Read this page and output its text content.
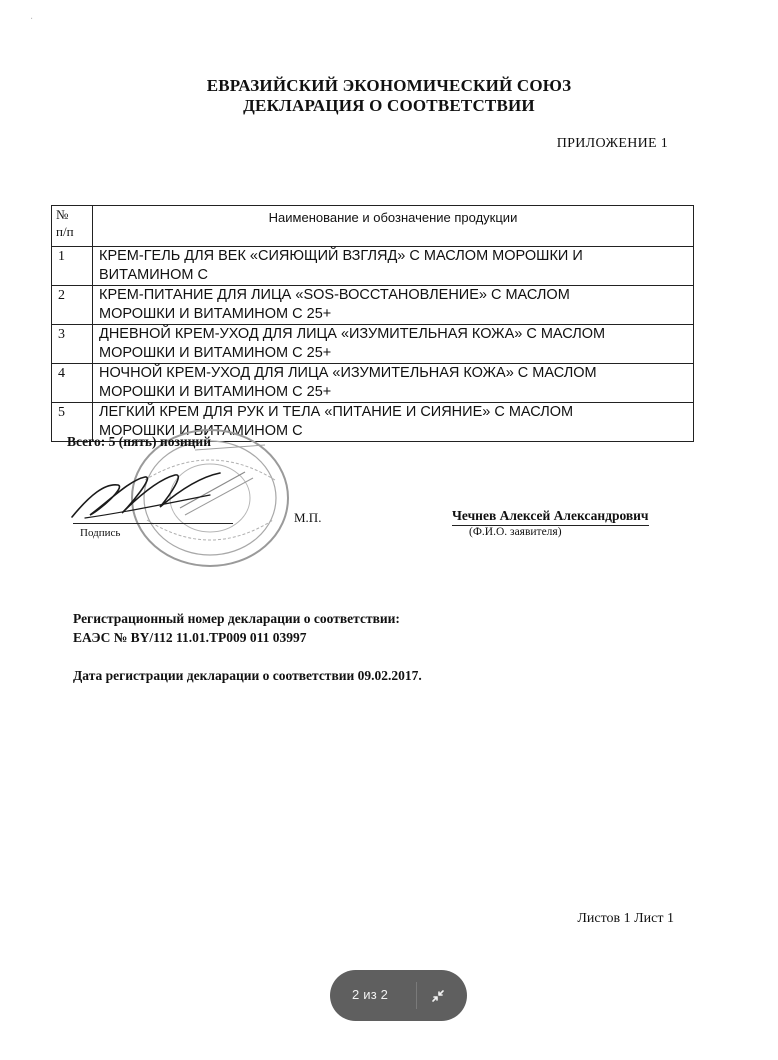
·
ЕВРАЗИЙСКИЙ ЭКОНОМИЧЕСКИЙ СОЮЗ
ДЕКЛАРАЦИЯ О СООТВЕТСТВИИ
ПРИЛОЖЕНИЕ 1
№
п/п	Наименование и обозначение продукции
1	КРЕМ-ГЕЛЬ ДЛЯ ВЕК «СИЯЮЩИЙ ВЗГЛЯД» С МАСЛОМ МОРОШКИ И
ВИТАМИНОМ С
2	КРЕМ-ПИТАНИЕ ДЛЯ ЛИЦА «SOS-ВОССТАНОВЛЕНИЕ» С МАСЛОМ
МОРОШКИ И ВИТАМИНОМ С 25+
3	ДНЕВНОЙ КРЕМ-УХОД ДЛЯ ЛИЦА «ИЗУМИТЕЛЬНАЯ КОЖА» С МАСЛОМ
МОРОШКИ И ВИТАМИНОМ С 25+
4	НОЧНОЙ КРЕМ-УХОД ДЛЯ ЛИЦА «ИЗУМИТЕЛЬНАЯ КОЖА» С МАСЛОМ
МОРОШКИ И ВИТАМИНОМ С 25+
5	ЛЕГКИЙ КРЕМ ДЛЯ РУК И ТЕЛА «ПИТАНИЕ И СИЯНИЕ» С МАСЛОМ
МОРОШКИ И ВИТАМИНОМ С
Всего: 5 (пять) позиций
Подпись
М.П.	Чечнев Алексей Александрович
(Ф.И.О. заявителя)
Регистрационный номер декларации о соответствии:
ЕАЭС № BY/112 11.01.ТР009 011 03997
Дата регистрации декларации о соответствии 09.02.2017.
Листов 1 Лист 1
2 из 2
